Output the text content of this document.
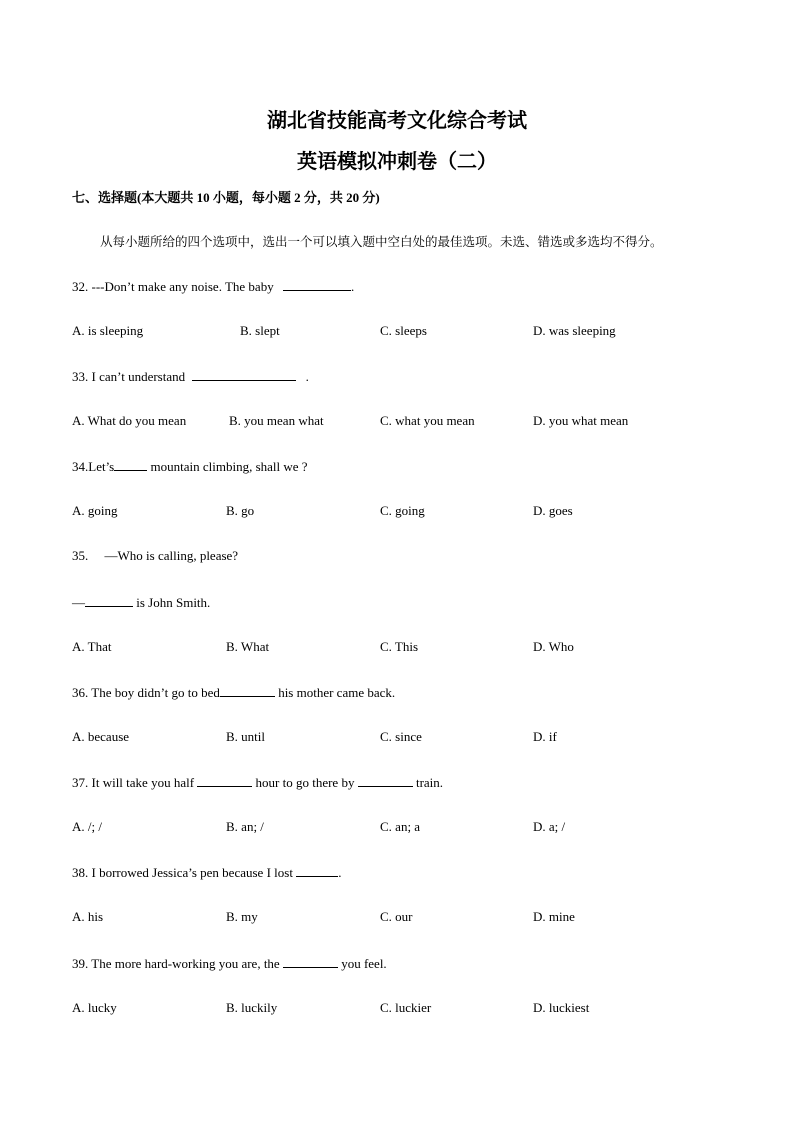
湖北省技能高考文化综合考试
英语模拟冲刺卷（二）
七、选择题(本大题共 10 小题，每小题 2 分，共 20 分)
从每小题所给的四个选项中，选出一个可以填入题中空白处的最佳选项。未选、错选或多选均不得分。
32. ---Don’t make any noise. The baby	.
A. is sleeping	B. slept	C. sleeps	D. was sleeping
33. I can’t understand	.
A. What do you mean	B. you mean what	C. what you mean	D. you what mean
34.Let’s	mountain climbing, shall we ?
A. going	B. go	C. going	D. goes
35.     —Who is calling, please?
—	is John Smith.
A. That	B. What	C. This	D. Who
36. The boy didn’t go to bed	his mother came back.
A. because	B. until	C. since	D. if
37. It will take you half	hour to go there by	train.
A. /; /	B. an; /	C. an; a	D. a; /
38. I borrowed Jessica’s pen because I lost	.
A. his	B. my	C. our	D. mine
39. The more hard-working you are, the	you feel.
A. lucky	B. luckily	C. luckier	D. luckiest
